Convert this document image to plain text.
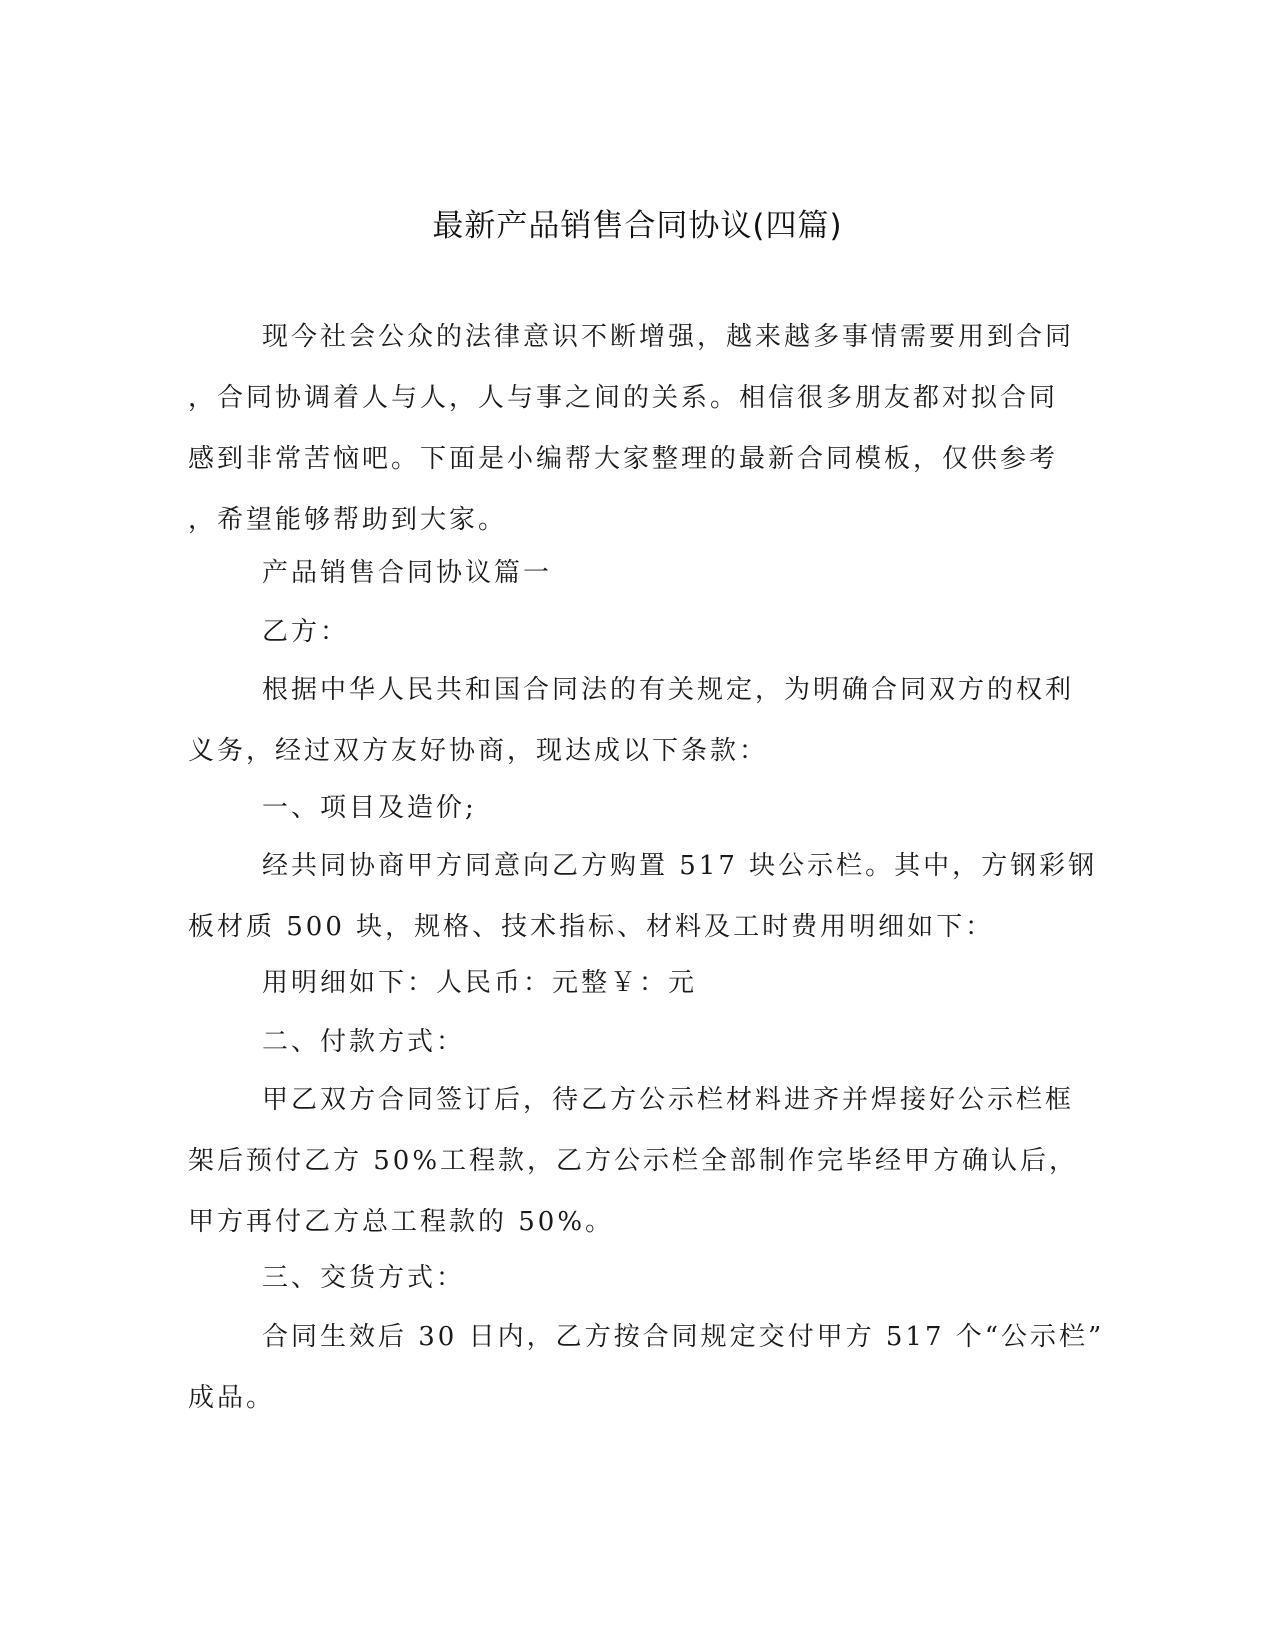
最新产品销售合同协议(四篇)
现今社会公众的法律意识不断增强，越来越多事情需要用到合同
，合同协调着人与人，人与事之间的关系。相信很多朋友都对拟合同
感到非常苦恼吧。下面是小编帮大家整理的最新合同模板，仅供参考
，希望能够帮助到大家。
产品销售合同协议篇一
乙方：
根据中华人民共和国合同法的有关规定，为明确合同双方的权利
义务，经过双方友好协商，现达成以下条款：
一、项目及造价;
经共同协商甲方同意向乙方购置 517 块公示栏。其中，方钢彩钢
板材质 500 块，规格、技术指标、材料及工时费用明细如下：
用明细如下：人民币：元整￥：元
二、付款方式：
甲乙双方合同签订后，待乙方公示栏材料进齐并焊接好公示栏框
架后预付乙方 50%工程款，乙方公示栏全部制作完毕经甲方确认后，
甲方再付乙方总工程款的 50%。
三、交货方式：
合同生效后 30 日内，乙方按合同规定交付甲方 517 个“公示栏”
成品。
